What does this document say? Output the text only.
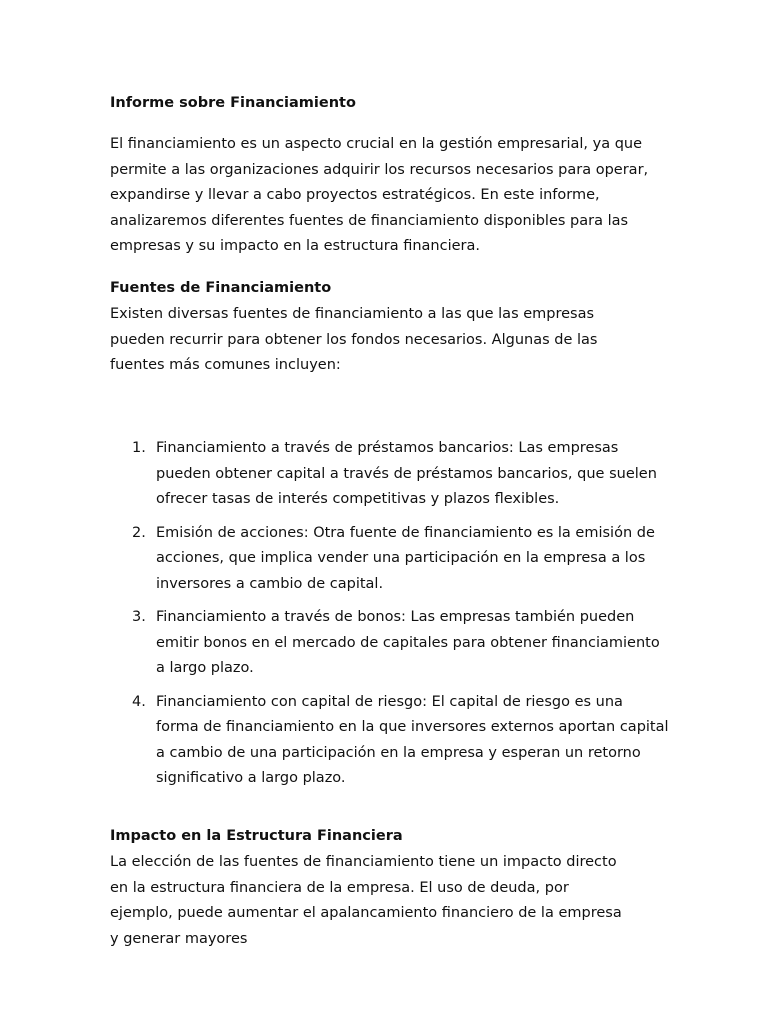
Informe sobre Financiamiento

El financiamiento es un aspecto crucial en la gestión empresarial, ya que permite a las organizaciones adquirir los recursos necesarios para operar, expandirse y llevar a cabo proyectos estratégicos. En este informe, analizaremos diferentes fuentes de financiamiento disponibles para las empresas y su impacto en la estructura financiera.

Fuentes de Financiamiento

Existen diversas fuentes de financiamiento a las que las empresas pueden recurrir para obtener los fondos necesarios. Algunas de las fuentes más comunes incluyen:

1. Financiamiento a través de préstamos bancarios: Las empresas pueden obtener capital a través de préstamos bancarios, que suelen ofrecer tasas de interés competitivas y plazos flexibles.
2. Emisión de acciones: Otra fuente de financiamiento es la emisión de acciones, que implica vender una participación en la empresa a los inversores a cambio de capital.
3. Financiamiento a través de bonos: Las empresas también pueden emitir bonos en el mercado de capitales para obtener financiamiento a largo plazo.
4. Financiamiento con capital de riesgo: El capital de riesgo es una forma de financiamiento en la que inversores externos aportan capital a cambio de una participación en la empresa y esperan un retorno significativo a largo plazo.
Impacto en la Estructura Financiera

La elección de las fuentes de financiamiento tiene un impacto directo en la estructura financiera de la empresa. El uso de deuda, por ejemplo, puede aumentar el apalancamiento financiero de la empresa y generar mayores
